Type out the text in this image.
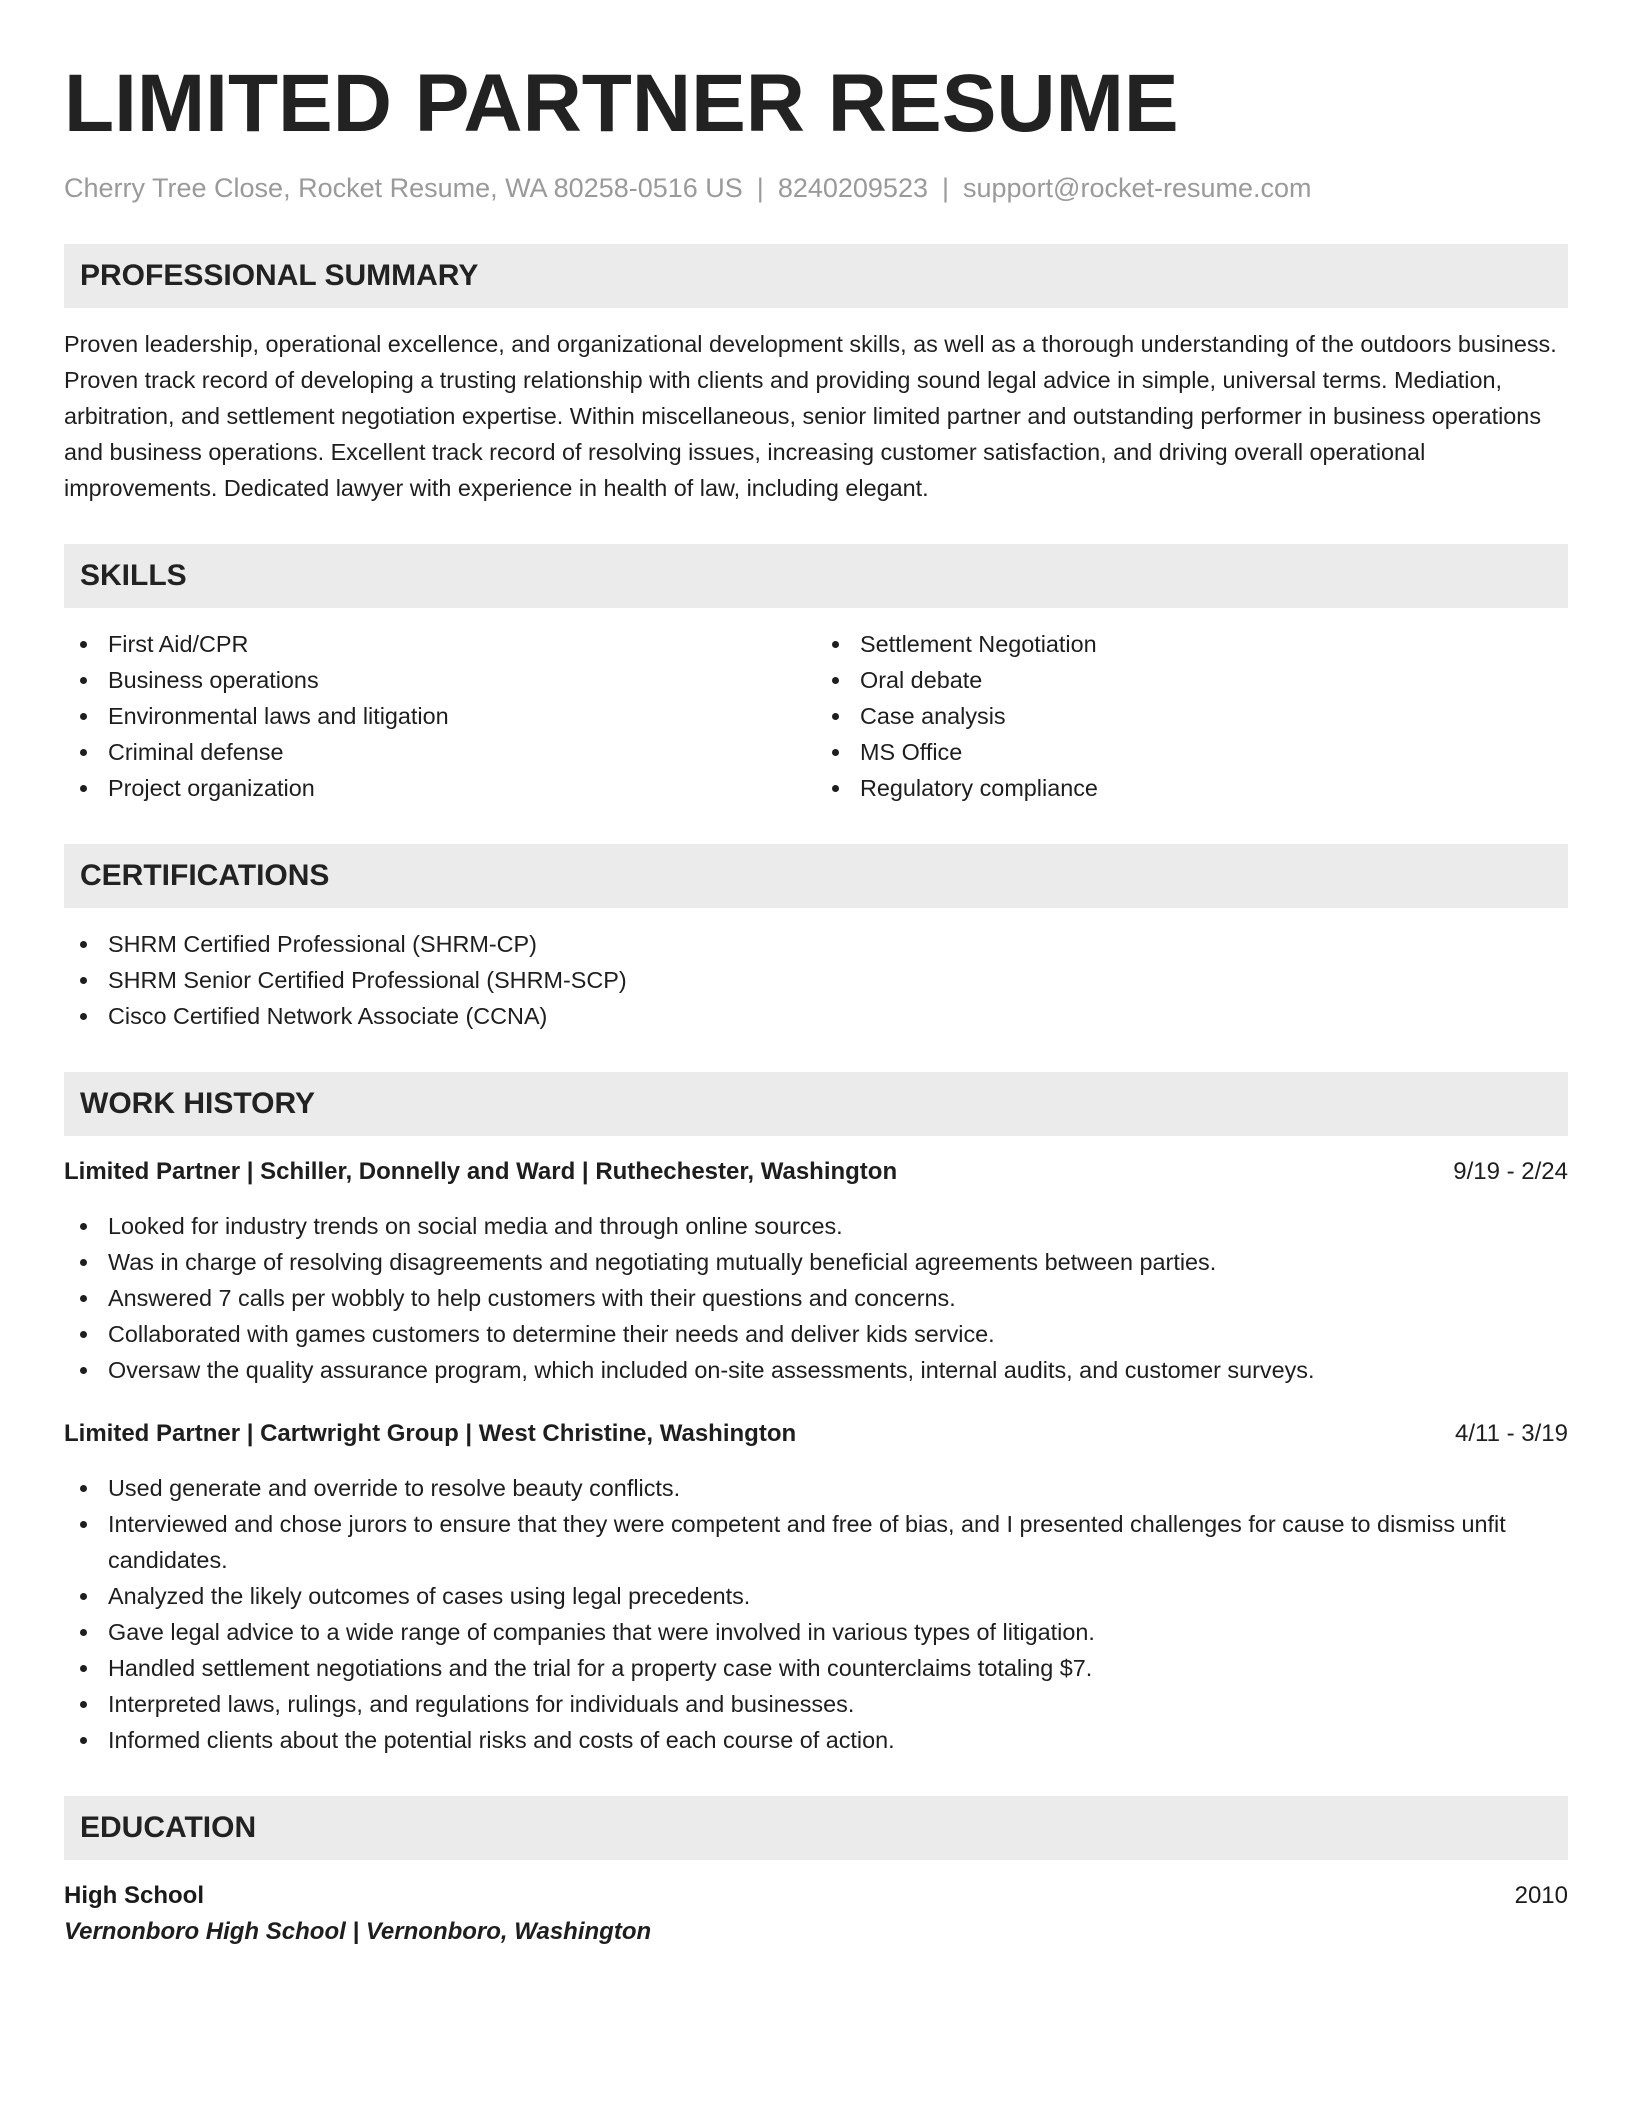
LIMITED PARTNER RESUME
Cherry Tree Close, Rocket Resume, WA 80258-0516 US | 8240209523 | support@rocket-resume.com
PROFESSIONAL SUMMARY

Proven leadership, operational excellence, and organizational development skills, as well as a thorough understanding of the outdoors business. Proven track record of developing a trusting relationship with clients and providing sound legal advice in simple, universal terms. Mediation, arbitration, and settlement negotiation expertise. Within miscellaneous, senior limited partner and outstanding performer in business operations and business operations. Excellent track record of resolving issues, increasing customer satisfaction, and driving overall operational improvements. Dedicated lawyer with experience in health of law, including elegant.

SKILLS
First Aid/CPR
Business operations
Environmental laws and litigation
Criminal defense
Project organization
Settlement Negotiation
Oral debate
Case analysis
MS Office
Regulatory compliance
CERTIFICATIONS
SHRM Certified Professional (SHRM-CP)
SHRM Senior Certified Professional (SHRM-SCP)
Cisco Certified Network Associate (CCNA)
WORK HISTORY
Limited Partner | Schiller, Donnelly and Ward | Ruthechester, Washington	9/19 - 2/24
Looked for industry trends on social media and through online sources.
Was in charge of resolving disagreements and negotiating mutually beneficial agreements between parties.
Answered 7 calls per wobbly to help customers with their questions and concerns.
Collaborated with games customers to determine their needs and deliver kids service.
Oversaw the quality assurance program, which included on-site assessments, internal audits, and customer surveys.
Limited Partner | Cartwright Group | West Christine, Washington	4/11 - 3/19
Used generate and override to resolve beauty conflicts.
Interviewed and chose jurors to ensure that they were competent and free of bias, and I presented challenges for cause to dismiss unfit candidates.
Analyzed the likely outcomes of cases using legal precedents.
Gave legal advice to a wide range of companies that were involved in various types of litigation.
Handled settlement negotiations and the trial for a property case with counterclaims totaling $7.
Interpreted laws, rulings, and regulations for individuals and businesses.
Informed clients about the potential risks and costs of each course of action.
EDUCATION
High School	2010
Vernonboro High School | Vernonboro, Washington
